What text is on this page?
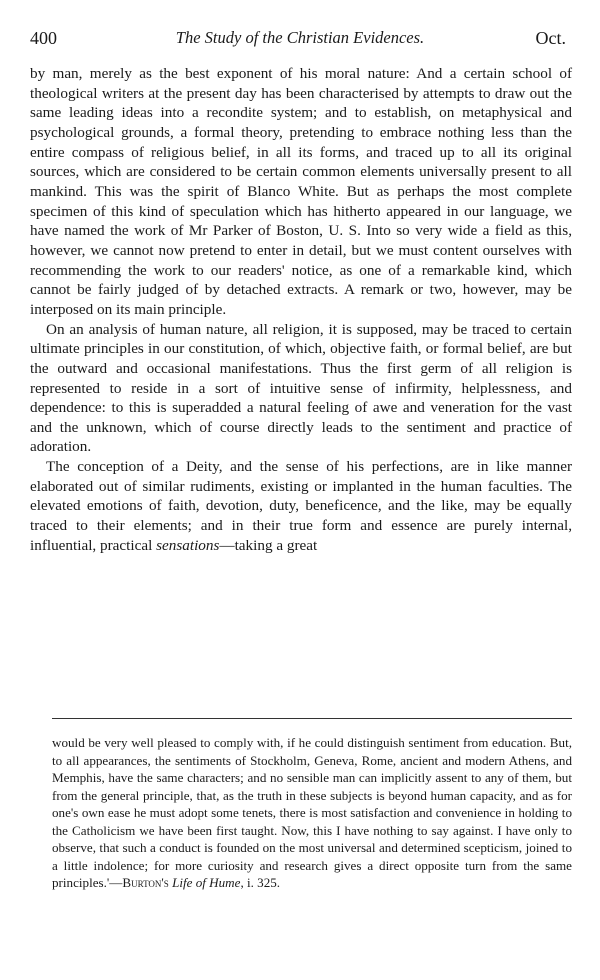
400	The Study of the Christian Evidences.	Oct.

by man, merely as the best exponent of his moral nature: And a certain school of theological writers at the present day has been characterised by attempts to draw out the same leading ideas into a recondite system; and to establish, on metaphysical and psychological grounds, a formal theory, pretending to embrace nothing less than the entire compass of religious belief, in all its forms, and traced up to all its original sources, which are considered to be certain common elements universally present to all mankind. This was the spirit of Blanco White. But as perhaps the most complete specimen of this kind of speculation which has hitherto appeared in our language, we have named the work of Mr Parker of Boston, U. S. Into so very wide a field as this, however, we cannot now pretend to enter in detail, but we must content ourselves with recommending the work to our readers' notice, as one of a remarkable kind, which cannot be fairly judged of by detached extracts. A remark or two, however, may be interposed on its main principle.

On an analysis of human nature, all religion, it is supposed, may be traced to certain ultimate principles in our constitution, of which, objective faith, or formal belief, are but the outward and occasional manifestations. Thus the first germ of all religion is represented to reside in a sort of intuitive sense of infirmity, helplessness, and dependence: to this is superadded a natural feeling of awe and veneration for the vast and the unknown, which of course directly leads to the sentiment and practice of adoration.

The conception of a Deity, and the sense of his perfections, are in like manner elaborated out of similar rudiments, existing or implanted in the human faculties. The elevated emotions of faith, devotion, duty, beneficence, and the like, may be equally traced to their elements; and in their true form and essence are purely internal, influential, practical sensations—taking a great

would be very well pleased to comply with, if he could distinguish sentiment from education. But, to all appearances, the sentiments of Stockholm, Geneva, Rome, ancient and modern Athens, and Memphis, have the same characters; and no sensible man can implicitly assent to any of them, but from the general principle, that, as the truth in these subjects is beyond human capacity, and as for one's own ease he must adopt some tenets, there is most satisfaction and convenience in holding to the Catholicism we have been first taught. Now, this I have nothing to say against. I have only to observe, that such a conduct is founded on the most universal and determined scepticism, joined to a little indolence; for more curiosity and research gives a direct opposite turn from the same principles.'—Burton's Life of Hume, i. 325.
